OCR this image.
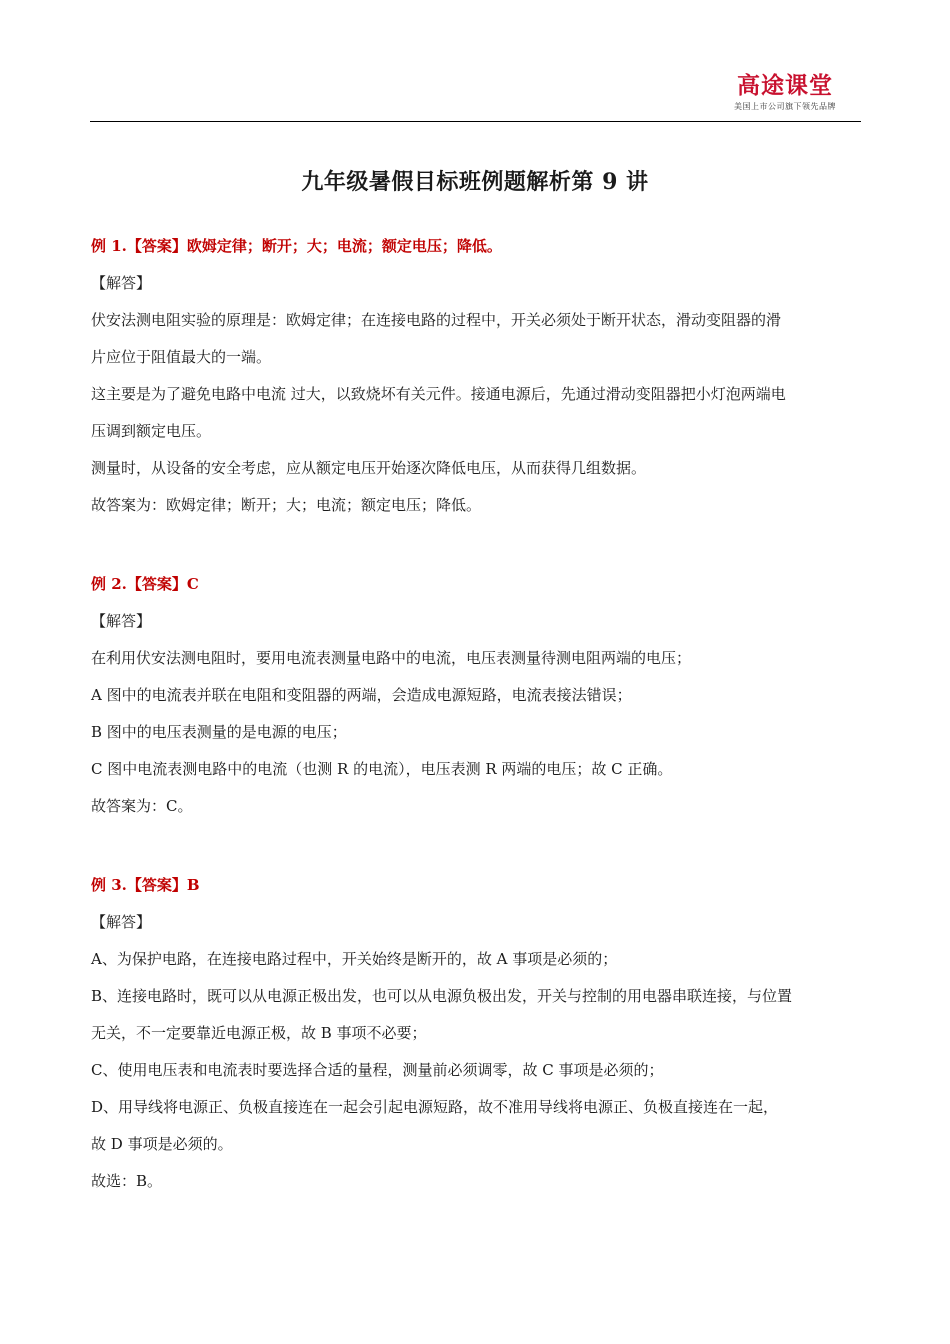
高途课堂
美国上市公司旗下领先品牌
九年级暑假目标班例题解析第 9 讲
例 1.【答案】欧姆定律；断开；大；电流；额定电压；降低。
【解答】
伏安法测电阻实验的原理是：欧姆定律；在连接电路的过程中，开关必须处于断开状态，滑动变阻器的滑
片应位于阻值最大的一端。
这主要是为了避免电路中电流 过大，以致烧坏有关元件。接通电源后，先通过滑动变阻器把小灯泡两端电
压调到额定电压。
测量时，从设备的安全考虑，应从额定电压开始逐次降低电压，从而获得几组数据。
故答案为：欧姆定律；断开；大；电流；额定电压；降低。
例 2.【答案】C
【解答】
在利用伏安法测电阻时，要用电流表测量电路中的电流，电压表测量待测电阻两端的电压；
A 图中的电流表并联在电阻和变阻器的两端，会造成电源短路，电流表接法错误；
B 图中的电压表测量的是电源的电压；
C 图中电流表测电路中的电流（也测 R 的电流），电压表测 R 两端的电压；故 C 正确。
故答案为：C。
例 3.【答案】B
【解答】
A、为保护电路，在连接电路过程中，开关始终是断开的，故 A 事项是必须的；
B、连接电路时，既可以从电源正极出发，也可以从电源负极出发，开关与控制的用电器串联连接，与位置
无关，不一定要靠近电源正极，故 B 事项不必要；
C、使用电压表和电流表时要选择合适的量程，测量前必须调零，故 C 事项是必须的；
D、用导线将电源正、负极直接连在一起会引起电源短路，故不准用导线将电源正、负极直接连在一起，
故 D 事项是必须的。
故选：B。
